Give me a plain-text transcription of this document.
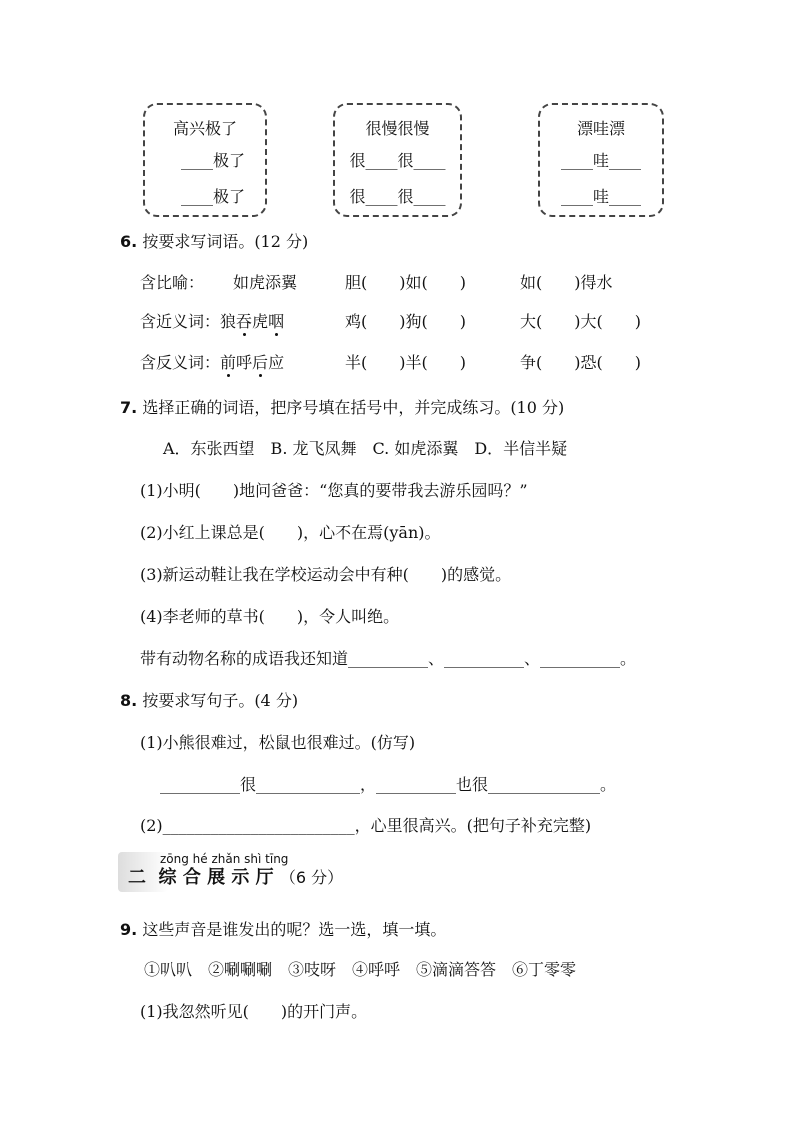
高兴极了
____极了
____极了
很慢很慢
很____很____
很____很____
漂哇漂
____哇____
____哇____
6. 按要求写词语。(12 分)
含比喻： 如虎添翼	胆(　　)如(　　)	如(　　)得水
含近义词：狼吞虎咽	鸡(　　)狗(　　)	大(　　)大(　　)
含反义词：前呼后应	半(　　)半(　　)	争(　　)恐(　　)
7. 选择正确的词语，把序号填在括号中，并完成练习。(10 分)
A．东张西望　B. 龙飞凤舞　C. 如虎添翼　D．半信半疑
(1)小明(　　)地问爸爸：“您真的要带我去游乐园吗？”
(2)小红上课总是(　　)，心不在焉(yān)。
(3)新运动鞋让我在学校运动会中有种(　　)的感觉。
(4)李老师的草书(　　)，令人叫绝。
带有动物名称的成语我还知道__________、__________、__________。
8. 按要求写句子。(4 分)
(1)小熊很难过，松鼠也很难过。(仿写)
__________很_____________，__________也很______________。
(2)________________________，心里很高兴。(把句子补充完整)
zōng hé zhǎn shì tīng
二 综 合 展 示 厅 （6 分）
9. 这些声音是谁发出的呢？选一选，填一填。
①叭叭　②唰唰唰　③吱呀　④呼呼　⑤滴滴答答　⑥丁零零
(1)我忽然听见(　　)的开门声。
